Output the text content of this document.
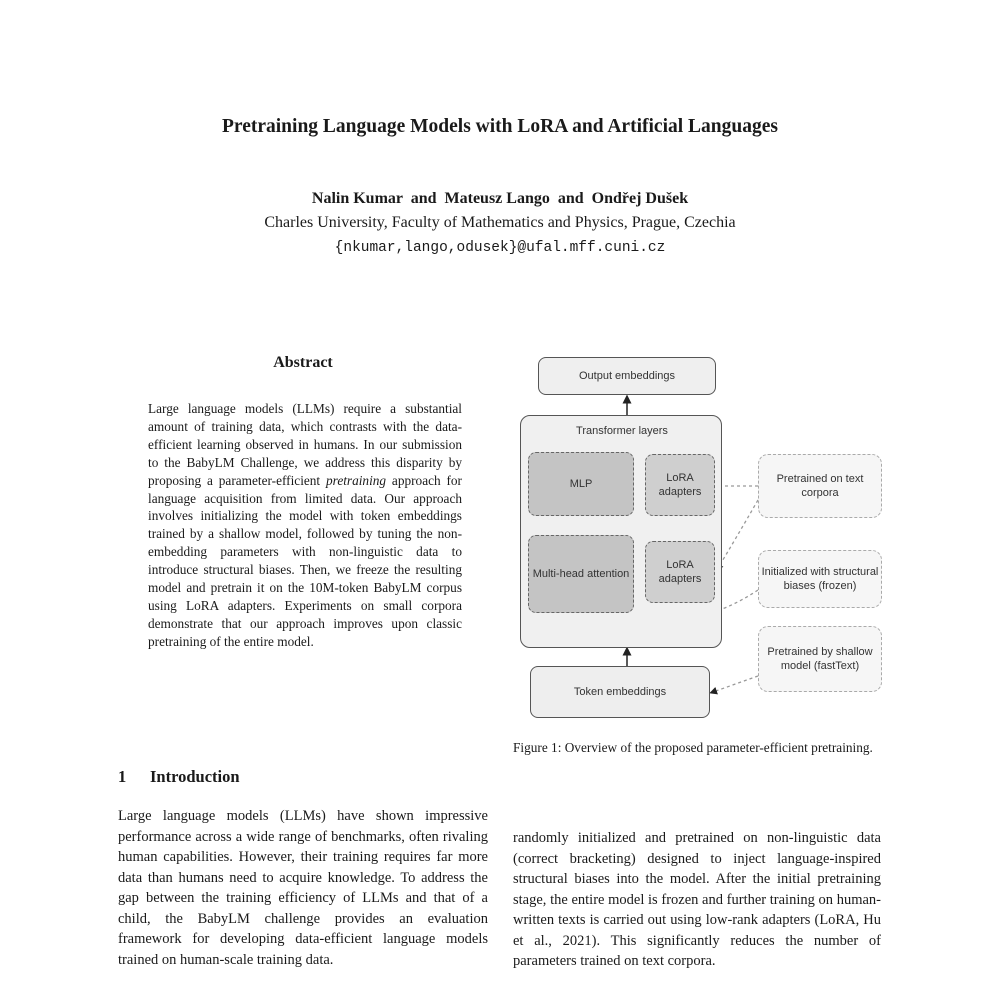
Pretraining Language Models with LoRA and Artificial Languages
Nalin Kumar  and  Mateusz Lango  and  Ondřej Dušek
Charles University, Faculty of Mathematics and Physics, Prague, Czechia
{nkumar,lango,odusek}@ufal.mff.cuni.cz
Abstract
Large language models (LLMs) require a substantial amount of training data, which contrasts with the data-efficient learning observed in humans. In our submission to the BabyLM Challenge, we address this disparity by proposing a parameter-efficient pretraining approach for language acquisition from limited data. Our approach involves initializing the model with token embeddings trained by a shallow model, followed by tuning the non-embedding parameters with non-linguistic data to introduce structural biases. Then, we freeze the resulting model and pretrain it on the 10M-token BabyLM corpus using LoRA adapters. Experiments on small corpora demonstrate that our approach improves upon classic pretraining of the entire model.
1 Introduction
Large language models (LLMs) have shown impressive performance across a wide range of benchmarks, often rivaling human capabilities. However, their training requires far more data than humans need to acquire knowledge. To address the gap between the training efficiency of LLMs and that of a child, the BabyLM challenge provides an evaluation framework for developing data-efficient language models trained on human-scale training data.
randomly initialized and pretrained on non-linguistic data (correct bracketing) designed to inject language-inspired structural biases into the model. After the initial pretraining stage, the entire model is frozen and further training on human-written texts is carried out using low-rank adapters (LoRA, Hu et al., 2021). This significantly reduces the number of parameters trained on text corpora.
Output embeddings
Transformer layers
MLP	LoRA adapters
Multi-head attention
LoRA adapters
Token embeddings
Pretrained on text corpora
Initialized with structural biases (frozen)
Pretrained by shallow model (fastText)
Figure 1: Overview of the proposed parameter-efficient pretraining.
